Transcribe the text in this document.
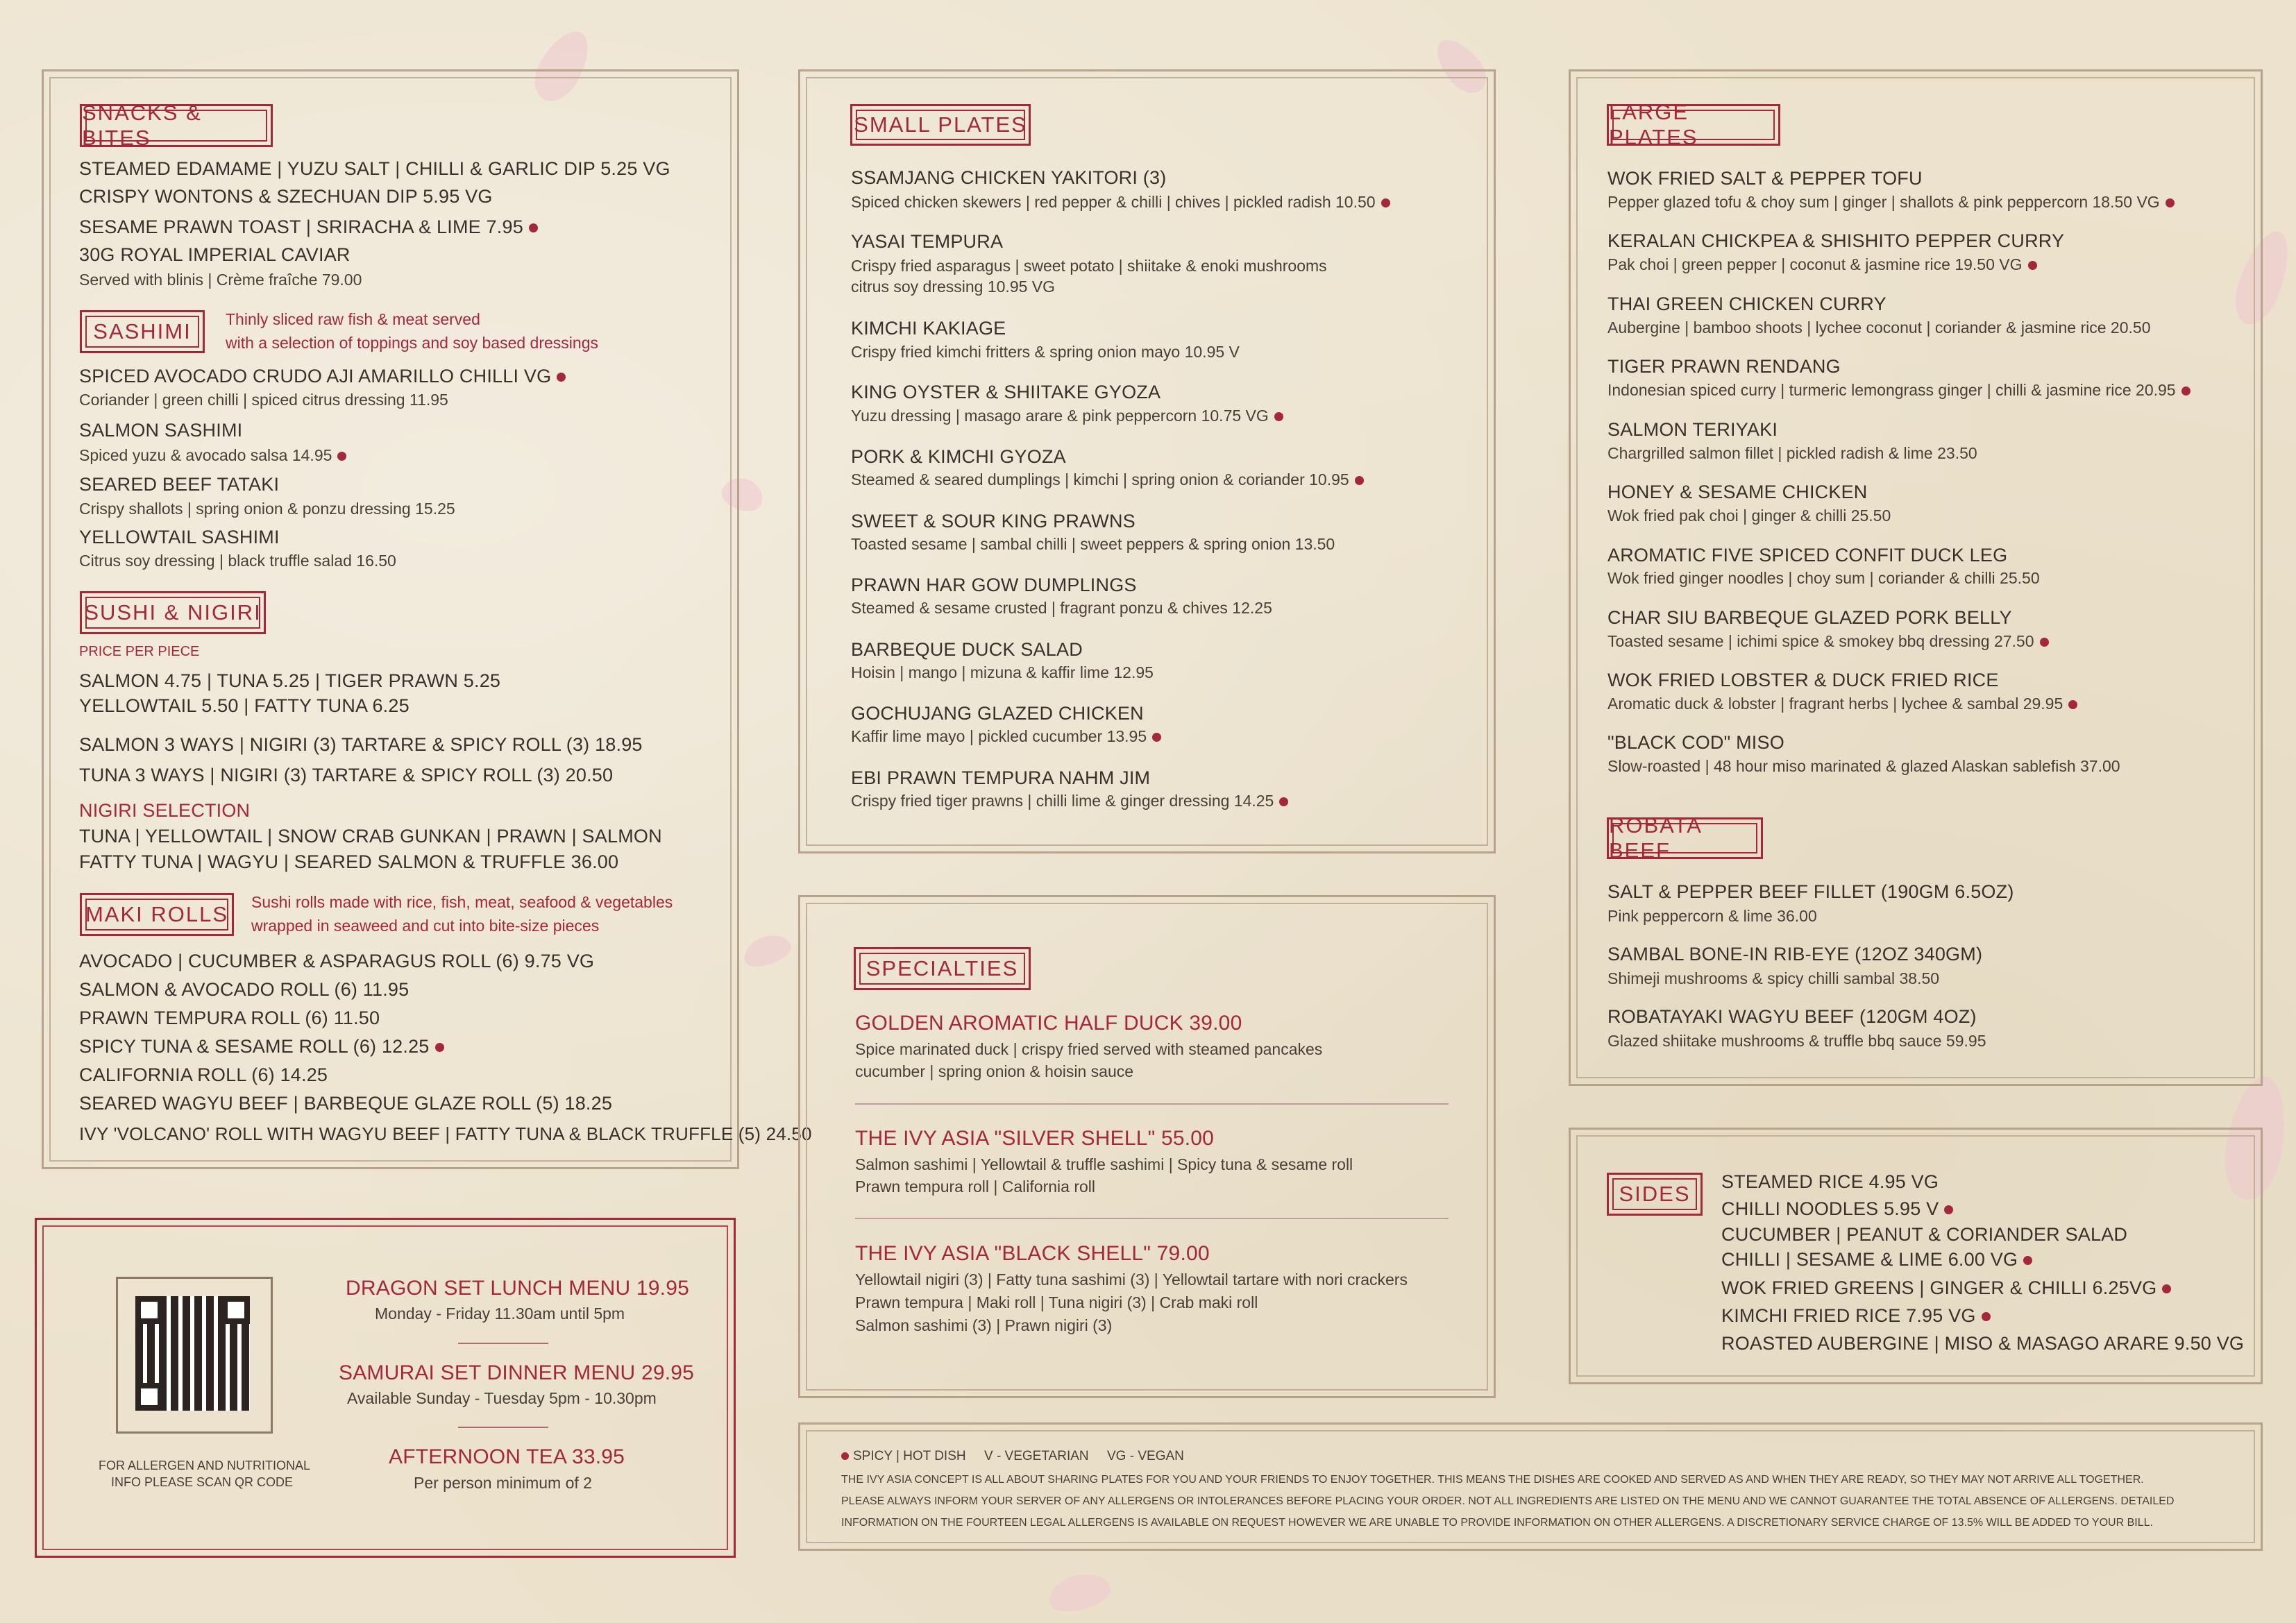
SNACKS & BITES
STEAMED EDAMAME | YUZU SALT | CHILLI & GARLIC DIP 5.25 VG
CRISPY WONTONS & SZECHUAN DIP 5.95 VG
SESAME PRAWN TOAST | SRIRACHA & LIME 7.95
30G ROYAL IMPERIAL CAVIAR
Served with blinis | Crème fraîche 79.00
SASHIMI Thinly sliced raw fish & meat served
with a selection of toppings and soy based dressings
SPICED AVOCADO CRUDO AJI AMARILLO CHILLI VG
Coriander | green chilli | spiced citrus dressing 11.95
SALMON SASHIMI
Spiced yuzu & avocado salsa 14.95
SEARED BEEF TATAKI
Crispy shallots | spring onion & ponzu dressing 15.25
YELLOWTAIL SASHIMI
Citrus soy dressing | black truffle salad 16.50
SUSHI & NIGIRI
PRICE PER PIECE
SALMON 4.75 | TUNA 5.25 | TIGER PRAWN 5.25
YELLOWTAIL 5.50 | FATTY TUNA 6.25
SALMON 3 WAYS | NIGIRI (3) TARTARE & SPICY ROLL (3) 18.95
TUNA 3 WAYS | NIGIRI (3) TARTARE & SPICY ROLL (3) 20.50
NIGIRI SELECTION
TUNA | YELLOWTAIL | SNOW CRAB GUNKAN | PRAWN | SALMON
FATTY TUNA | WAGYU | SEARED SALMON & TRUFFLE 36.00
MAKI ROLLS Sushi rolls made with rice, fish, meat, seafood & vegetables
wrapped in seaweed and cut into bite-size pieces
AVOCADO | CUCUMBER & ASPARAGUS ROLL (6) 9.75 VG
SALMON & AVOCADO ROLL (6) 11.95
PRAWN TEMPURA ROLL (6) 11.50
SPICY TUNA & SESAME ROLL (6) 12.25
CALIFORNIA ROLL (6) 14.25
SEARED WAGYU BEEF | BARBEQUE GLAZE ROLL (5) 18.25
IVY 'VOLCANO' ROLL WITH WAGYU BEEF | FATTY TUNA & BLACK TRUFFLE (5) 24.50
FOR ALLERGEN AND NUTRITIONAL
INFO PLEASE SCAN QR CODE
DRAGON SET LUNCH MENU 19.95
Monday - Friday 11.30am until 5pm
SAMURAI SET DINNER MENU 29.95
Available Sunday - Tuesday 5pm - 10.30pm
AFTERNOON TEA 33.95
Per person minimum of 2
SMALL PLATES
SSAMJANG CHICKEN YAKITORI (3)
Spiced chicken skewers | red pepper & chilli | chives | pickled radish 10.50
YASAI TEMPURA
Crispy fried asparagus | sweet potato | shiitake & enoki mushrooms
citrus soy dressing 10.95 VG
KIMCHI KAKIAGE
Crispy fried kimchi fritters & spring onion mayo 10.95 V
KING OYSTER & SHIITAKE GYOZA
Yuzu dressing | masago arare & pink peppercorn 10.75 VG
PORK & KIMCHI GYOZA
Steamed & seared dumplings | kimchi | spring onion & coriander 10.95
SWEET & SOUR KING PRAWNS
Toasted sesame | sambal chilli | sweet peppers & spring onion 13.50
PRAWN HAR GOW DUMPLINGS
Steamed & sesame crusted | fragrant ponzu & chives 12.25
BARBEQUE DUCK SALAD
Hoisin | mango | mizuna & kaffir lime 12.95
GOCHUJANG GLAZED CHICKEN
Kaffir lime mayo | pickled cucumber 13.95
EBI PRAWN TEMPURA NAHM JIM
Crispy fried tiger prawns | chilli lime & ginger dressing 14.25
SPECIALTIES
GOLDEN AROMATIC HALF DUCK 39.00
Spice marinated duck | crispy fried served with steamed pancakes
cucumber | spring onion & hoisin sauce
THE IVY ASIA "SILVER SHELL" 55.00
Salmon sashimi | Yellowtail & truffle sashimi | Spicy tuna & sesame roll
Prawn tempura roll | California roll
THE IVY ASIA "BLACK SHELL" 79.00
Yellowtail nigiri (3) | Fatty tuna sashimi (3) | Yellowtail tartare with nori crackers
Prawn tempura | Maki roll | Tuna nigiri (3) | Crab maki roll
Salmon sashimi (3) | Prawn nigiri (3)
LARGE PLATES
WOK FRIED SALT & PEPPER TOFU
Pepper glazed tofu & choy sum | ginger | shallots & pink peppercorn 18.50 VG
KERALAN CHICKPEA & SHISHITO PEPPER CURRY
Pak choi | green pepper | coconut & jasmine rice 19.50 VG
THAI GREEN CHICKEN CURRY
Aubergine | bamboo shoots | lychee coconut | coriander & jasmine rice 20.50
TIGER PRAWN RENDANG
Indonesian spiced curry | turmeric lemongrass ginger | chilli & jasmine rice 20.95
SALMON TERIYAKI
Chargrilled salmon fillet | pickled radish & lime 23.50
HONEY & SESAME CHICKEN
Wok fried pak choi | ginger & chilli 25.50
AROMATIC FIVE SPICED CONFIT DUCK LEG
Wok fried ginger noodles | choy sum | coriander & chilli 25.50
CHAR SIU BARBEQUE GLAZED PORK BELLY
Toasted sesame | ichimi spice & smokey bbq dressing 27.50
WOK FRIED LOBSTER & DUCK FRIED RICE
Aromatic duck & lobster | fragrant herbs | lychee & sambal 29.95
"BLACK COD" MISO
Slow-roasted | 48 hour miso marinated & glazed Alaskan sablefish 37.00
ROBATA BEEF
SALT & PEPPER BEEF FILLET (190GM 6.5OZ)
Pink peppercorn & lime 36.00
SAMBAL BONE-IN RIB-EYE (12OZ 340GM)
Shimeji mushrooms & spicy chilli sambal 38.50
ROBATAYAKI WAGYU BEEF (120GM 4OZ)
Glazed shiitake mushrooms & truffle bbq sauce 59.95
SIDES STEAMED RICE 4.95 VG
CHILLI NOODLES 5.95 V
CUCUMBER | PEANUT & CORIANDER SALAD
CHILLI | SESAME & LIME 6.00 VG
WOK FRIED GREENS | GINGER & CHILLI 6.25VG
KIMCHI FRIED RICE 7.95 VG
ROASTED AUBERGINE | MISO & MASAGO ARARE 9.50 VG
SPICY | HOT DISH     V - VEGETARIAN     VG - VEGAN
THE IVY ASIA CONCEPT IS ALL ABOUT SHARING PLATES FOR YOU AND YOUR FRIENDS TO ENJOY TOGETHER. THIS MEANS THE DISHES ARE COOKED AND SERVED AS AND WHEN THEY ARE READY, SO THEY MAY NOT ARRIVE ALL TOGETHER.
PLEASE ALWAYS INFORM YOUR SERVER OF ANY ALLERGENS OR INTOLERANCES BEFORE PLACING YOUR ORDER. NOT ALL INGREDIENTS ARE LISTED ON THE MENU AND WE CANNOT GUARANTEE THE TOTAL ABSENCE OF ALLERGENS. DETAILED
INFORMATION ON THE FOURTEEN LEGAL ALLERGENS IS AVAILABLE ON REQUEST HOWEVER WE ARE UNABLE TO PROVIDE INFORMATION ON OTHER ALLERGENS. A DISCRETIONARY SERVICE CHARGE OF 13.5% WILL BE ADDED TO YOUR BILL.
